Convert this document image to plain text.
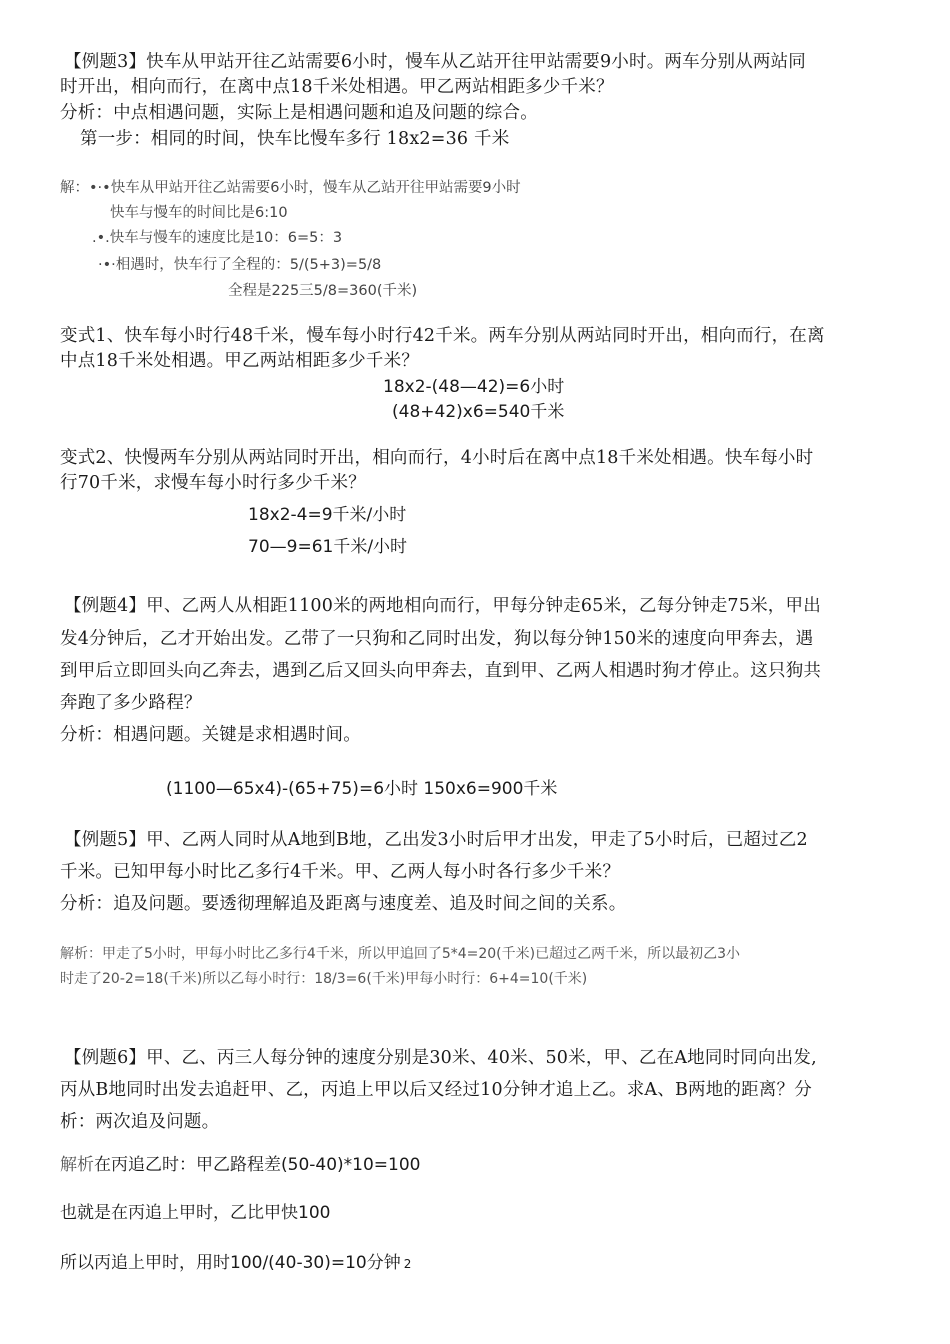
【例题3】快车从甲站开往乙站需要6小时，慢车从乙站开往甲站需要9小时。两车分别从两站同
时开出，相向而行，在离中点18千米处相遇。甲乙两站相距多少千米？
分析：中点相遇问题，实际上是相遇问题和追及问题的综合。
第一步：相同的时间，快车比慢车多行 18x2=36 千米
解：•·•快车从甲站开往乙站需要6小时，慢车从乙站开往甲站需要9小时
快车与慢车的时间比是6:10
.•.快车与慢车的速度比是10：6=5：3
·•·相遇时，快车行了全程的：5/(5+3)=5/8
全程是225三5/8=360(千米)
变式1、快车每小时行48千米，慢车每小时行42千米。两车分别从两站同时开出，相向而行，在离
中点18千米处相遇。甲乙两站相距多少千米？
18x2-(48—42)=6小时
(48+42)x6=540千米
变式2、快慢两车分别从两站同时开出，相向而行，4小时后在离中点18千米处相遇。快车每小时
行70千米，求慢车每小时行多少千米？
18x2-4=9千米/小时
70—9=61千米/小时
【例题4】甲、乙两人从相距1100米的两地相向而行，甲每分钟走65米，乙每分钟走75米，甲出
发4分钟后，乙才开始出发。乙带了一只狗和乙同时出发，狗以每分钟150米的速度向甲奔去，遇
到甲后立即回头向乙奔去，遇到乙后又回头向甲奔去，直到甲、乙两人相遇时狗才停止。这只狗共
奔跑了多少路程？
分析：相遇问题。关键是求相遇时间。
(1100—65x4)-(65+75)=6小时 150x6=900千米
【例题5】甲、乙两人同时从A地到B地，乙出发3小时后甲才出发，甲走了5小时后，已超过乙2
千米。已知甲每小时比乙多行4千米。甲、乙两人每小时各行多少千米？
分析：追及问题。要透彻理解追及距离与速度差、追及时间之间的关系。
解析：甲走了5小时，甲每小时比乙多行4千米，所以甲追回了5*4=20(千米)已超过乙两千米，所以最初乙3小
时走了20-2=18(千米)所以乙每小时行：18/3=6(千米)甲每小时行：6+4=10(千米)
【例题6】甲、乙、丙三人每分钟的速度分别是30米、40米、50米，甲、乙在A地同时同向出发,
丙从B地同时出发去追赶甲、乙，丙追上甲以后又经过10分钟才追上乙。求A、B两地的距离？分
析：两次追及问题。
解析在丙追乙时：甲乙路程差(50-40)*10=100
也就是在丙追上甲时，乙比甲快100
所以丙追上甲时，用时100/(40-30)=10分钟 2
